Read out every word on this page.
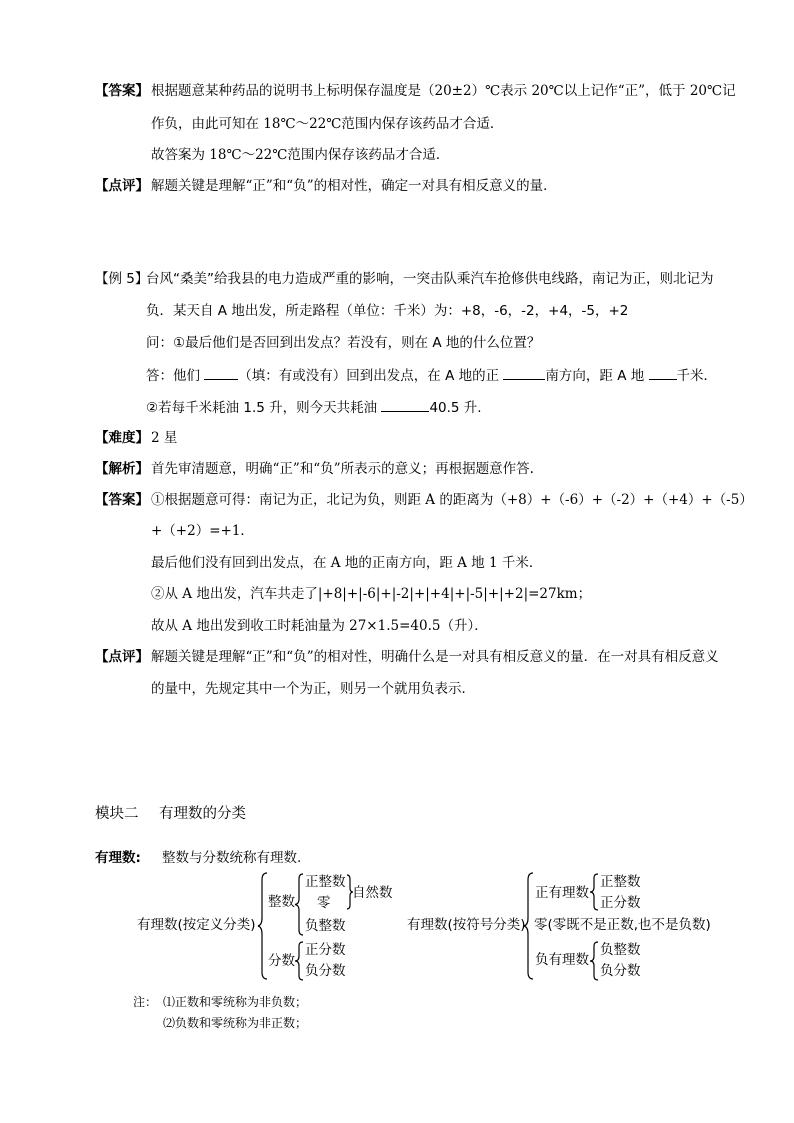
【答案】 根据题意某种药品的说明书上标明保存温度是（20±2）℃表示 20℃以上记作“正”，低于 20℃记
作负，由此可知在 18℃～22℃范围内保存该药品才合适．
故答案为 18℃～22℃范围内保存该药品才合适．
【点评】 解题关键是理解“正”和“负”的相对性，确定一对具有相反意义的量．
【例 5】
台风“桑美”给我县的电力造成严重的影响，一突击队乘汽车抢修供电线路，南记为正，则北记为
负．某天自 A 地出发，所走路程（单位：千米）为：+8，-6，-2，+4，-5，+2
问：①最后他们是否回到出发点？若没有，则在 A 地的什么位置？
答：他们	（填：有或没有）回到出发点，在 A 地的正	南方向，距 A 地 千米．
②若每千米耗油 1.5 升，则今天共耗油	40.5 升.
【难度】 2 星
【解析】 首先审清题意，明确“正”和“负”所表示的意义；再根据题意作答.
【答案】 ①根据题意可得：南记为正，北记为负，则距 A 的距离为（+8）+（-6）+（-2）+（+4）+（-5）
+（+2）=+1．
最后他们没有回到出发点，在 A 地的正南方向，距 A 地 1 千米．
②从 A 地出发，汽车共走了|+8|+|-6|+|-2|+|+4|+|-5|+|+2|=27km；
故从 A 地出发到收工时耗油量为 27×1.5=40.5（升）．
【点评】 解题关键是理解“正”和“负”的相对性，明确什么是一对具有相反意义的量．在一对具有相反意义
的量中，先规定其中一个为正，则另一个就用负表示．
模块二 有理数的分类
有理数: 整数与分数统称有理数.
有理数(按定义分类)
整数
正整数
零
负整数
自然数
分数
正分数
负分数
有理数(按符号分类)
正有理数
正整数
正分数
零(零既不是正数,也不是负数)
负有理数
负整数
负分数
注： ⑴正数和零统称为非负数；
⑵负数和零统称为非正数；
